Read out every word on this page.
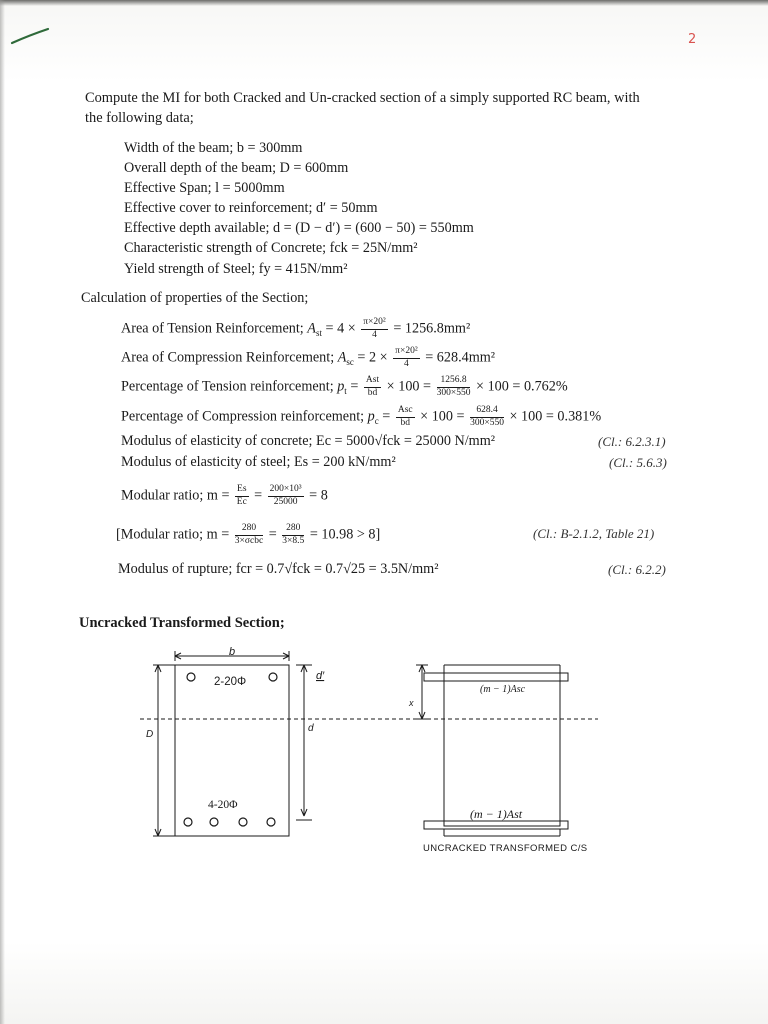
2
Compute the MI for both Cracked and Un-cracked section of a simply supported RC beam, with
the following data;
Width of the beam; b = 300mm
Overall depth of the beam; D = 600mm
Effective Span; l = 5000mm
Effective cover to reinforcement; d′ = 50mm
Effective depth available; d = (D − d′) = (600 − 50) = 550mm
Characteristic strength of Concrete; fck = 25N/mm²
Yield strength of Steel; fy = 415N/mm²
Calculation of properties of the Section;
Area of Tension Reinforcement; $A_{st} = 4 \times \frac{\text{π×20²}}{4} = 1256.8mm^2$
Area of Compression Reinforcement; $A_{sc} = 2 \times \frac{\text{π×20²}}{4} = 628.4mm^2$
Percentage of Tension reinforcement; $p_t = \frac{\text{Ast}}{bd} \times 100 = \frac{1256.8}{300\times 550} \times 100 = 0.762\%$
Percentage of Compression reinforcement; $p_c = \frac{\text{Asc}}{bd} \times 100 = \frac{628.4}{300\times 550} \times 100 = 0.381\%$
Modulus of elasticity of concrete; Ec = 5000√fck = 25000 N/mm²	(Cl.: 6.2.3.1)
Modulus of elasticity of steel; Es = 200 kN/mm²	(Cl.: 5.6.3)
Modular ratio; $m = \frac{Es}{Ec} = \frac{\text{200×10³}}{25000} = 8$
[Modular ratio; $m = \frac{280}{\text{3×σcbc}} = \frac{280}{3\times 8.5} = 10.98 > 8$]	(Cl.: B-2.1.2, Table 21)
Modulus of rupture; fcr = 0.7√fck = 0.7√25 = 3.5N/mm²	(Cl.: 6.2.2)
Uncracked Transformed Section;
b
D
d′
d
x
2-20Φ
4-20Φ
(m − 1)Asc
(m − 1)Ast
UNCRACKED TRANSFORMED C/S
